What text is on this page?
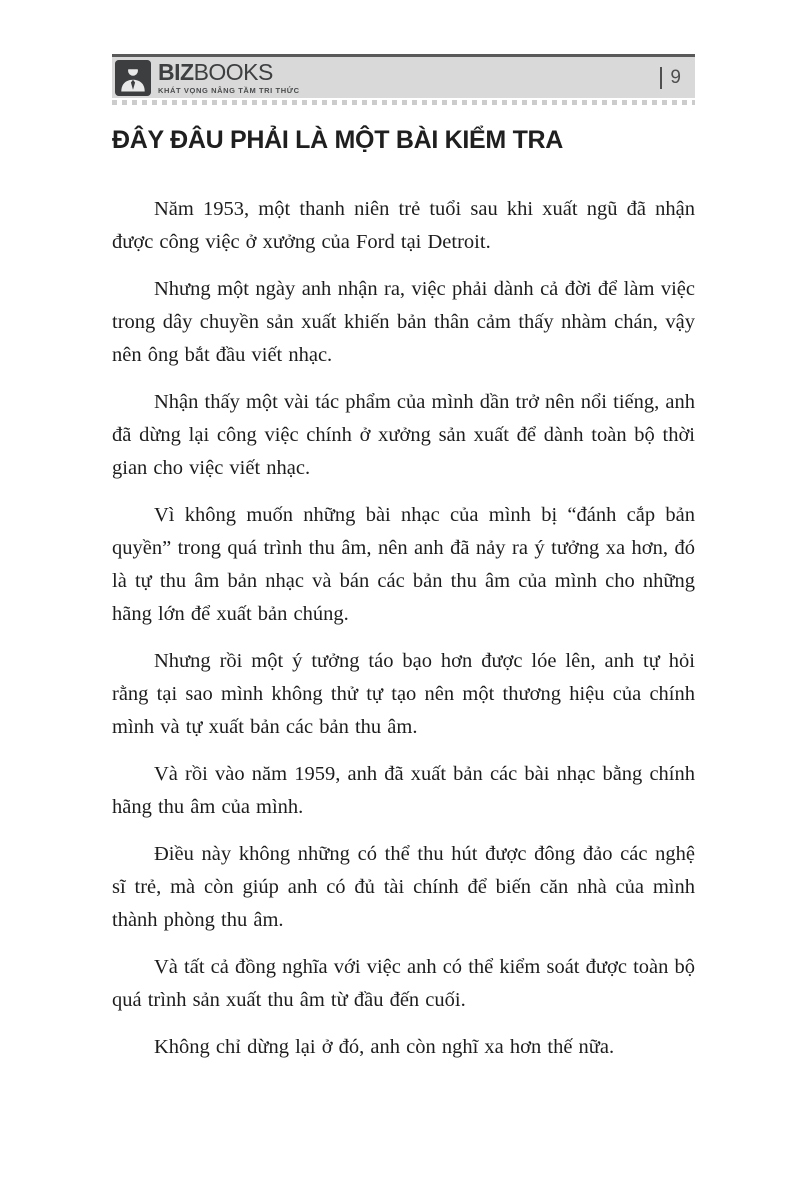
BIZBOOKS
KHÁT VỌNG NÂNG TẦM TRI THỨC
9
ĐÂY ĐÂU PHẢI LÀ MỘT BÀI KIỂM TRA

Năm 1953, một thanh niên trẻ tuổi sau khi xuất ngũ đã nhận được công việc ở xưởng của Ford tại Detroit.

Nhưng một ngày anh nhận ra, việc phải dành cả đời để làm việc trong dây chuyền sản xuất khiến bản thân cảm thấy nhàm chán, vậy nên ông bắt đầu viết nhạc.

Nhận thấy một vài tác phẩm của mình dần trở nên nổi tiếng, anh đã dừng lại công việc chính ở xưởng sản xuất để dành toàn bộ thời gian cho việc viết nhạc.

Vì không muốn những bài nhạc của mình bị “đánh cắp bản quyền” trong quá trình thu âm, nên anh đã nảy ra ý tưởng xa hơn, đó là tự thu âm bản nhạc và bán các bản thu âm của mình cho những hãng lớn để xuất bản chúng.

Nhưng rồi một ý tưởng táo bạo hơn được lóe lên, anh tự hỏi rằng tại sao mình không thử tự tạo nên một thương hiệu của chính mình và tự xuất bản các bản thu âm.

Và rồi vào năm 1959, anh đã xuất bản các bài nhạc bằng chính hãng thu âm của mình.

Điều này không những có thể thu hút được đông đảo các nghệ sĩ trẻ, mà còn giúp anh có đủ tài chính để biến căn nhà của mình thành phòng thu âm.

Và tất cả đồng nghĩa với việc anh có thể kiểm soát được toàn bộ quá trình sản xuất thu âm từ đầu đến cuối.

Không chỉ dừng lại ở đó, anh còn nghĩ xa hơn thế nữa.
